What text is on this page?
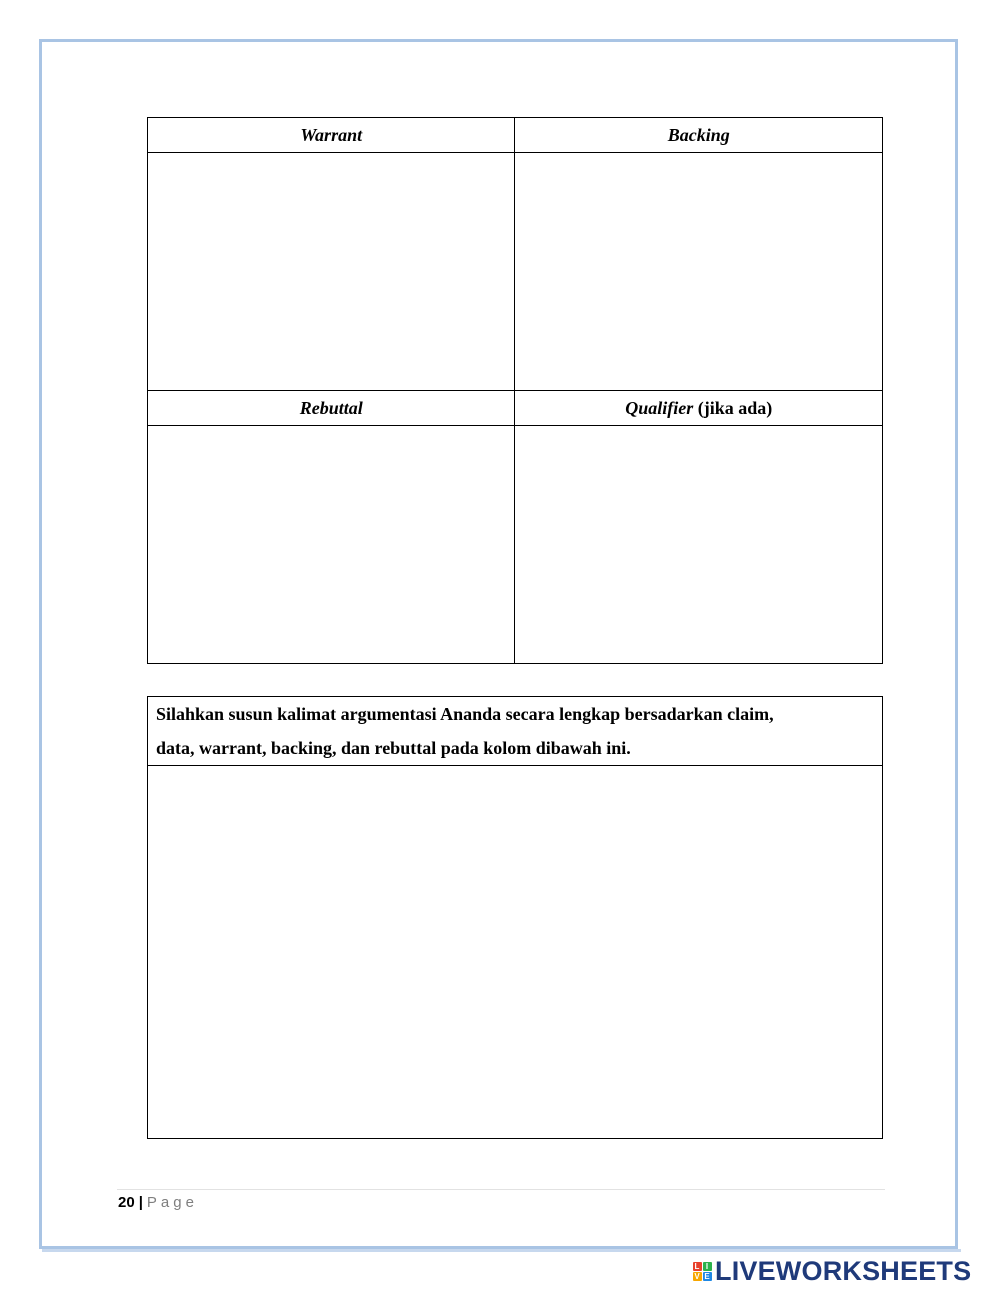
Warrant	Backing

Rebuttal	Qualifier (jika ada)

Silahkan susun kalimat argumentasi Ananda secara lengkap bersadarkan claim,
data, warrant, backing, dan rebuttal pada kolom dibawah ini.

20 | Page
L I
V E LIVEWORKSHEETS
